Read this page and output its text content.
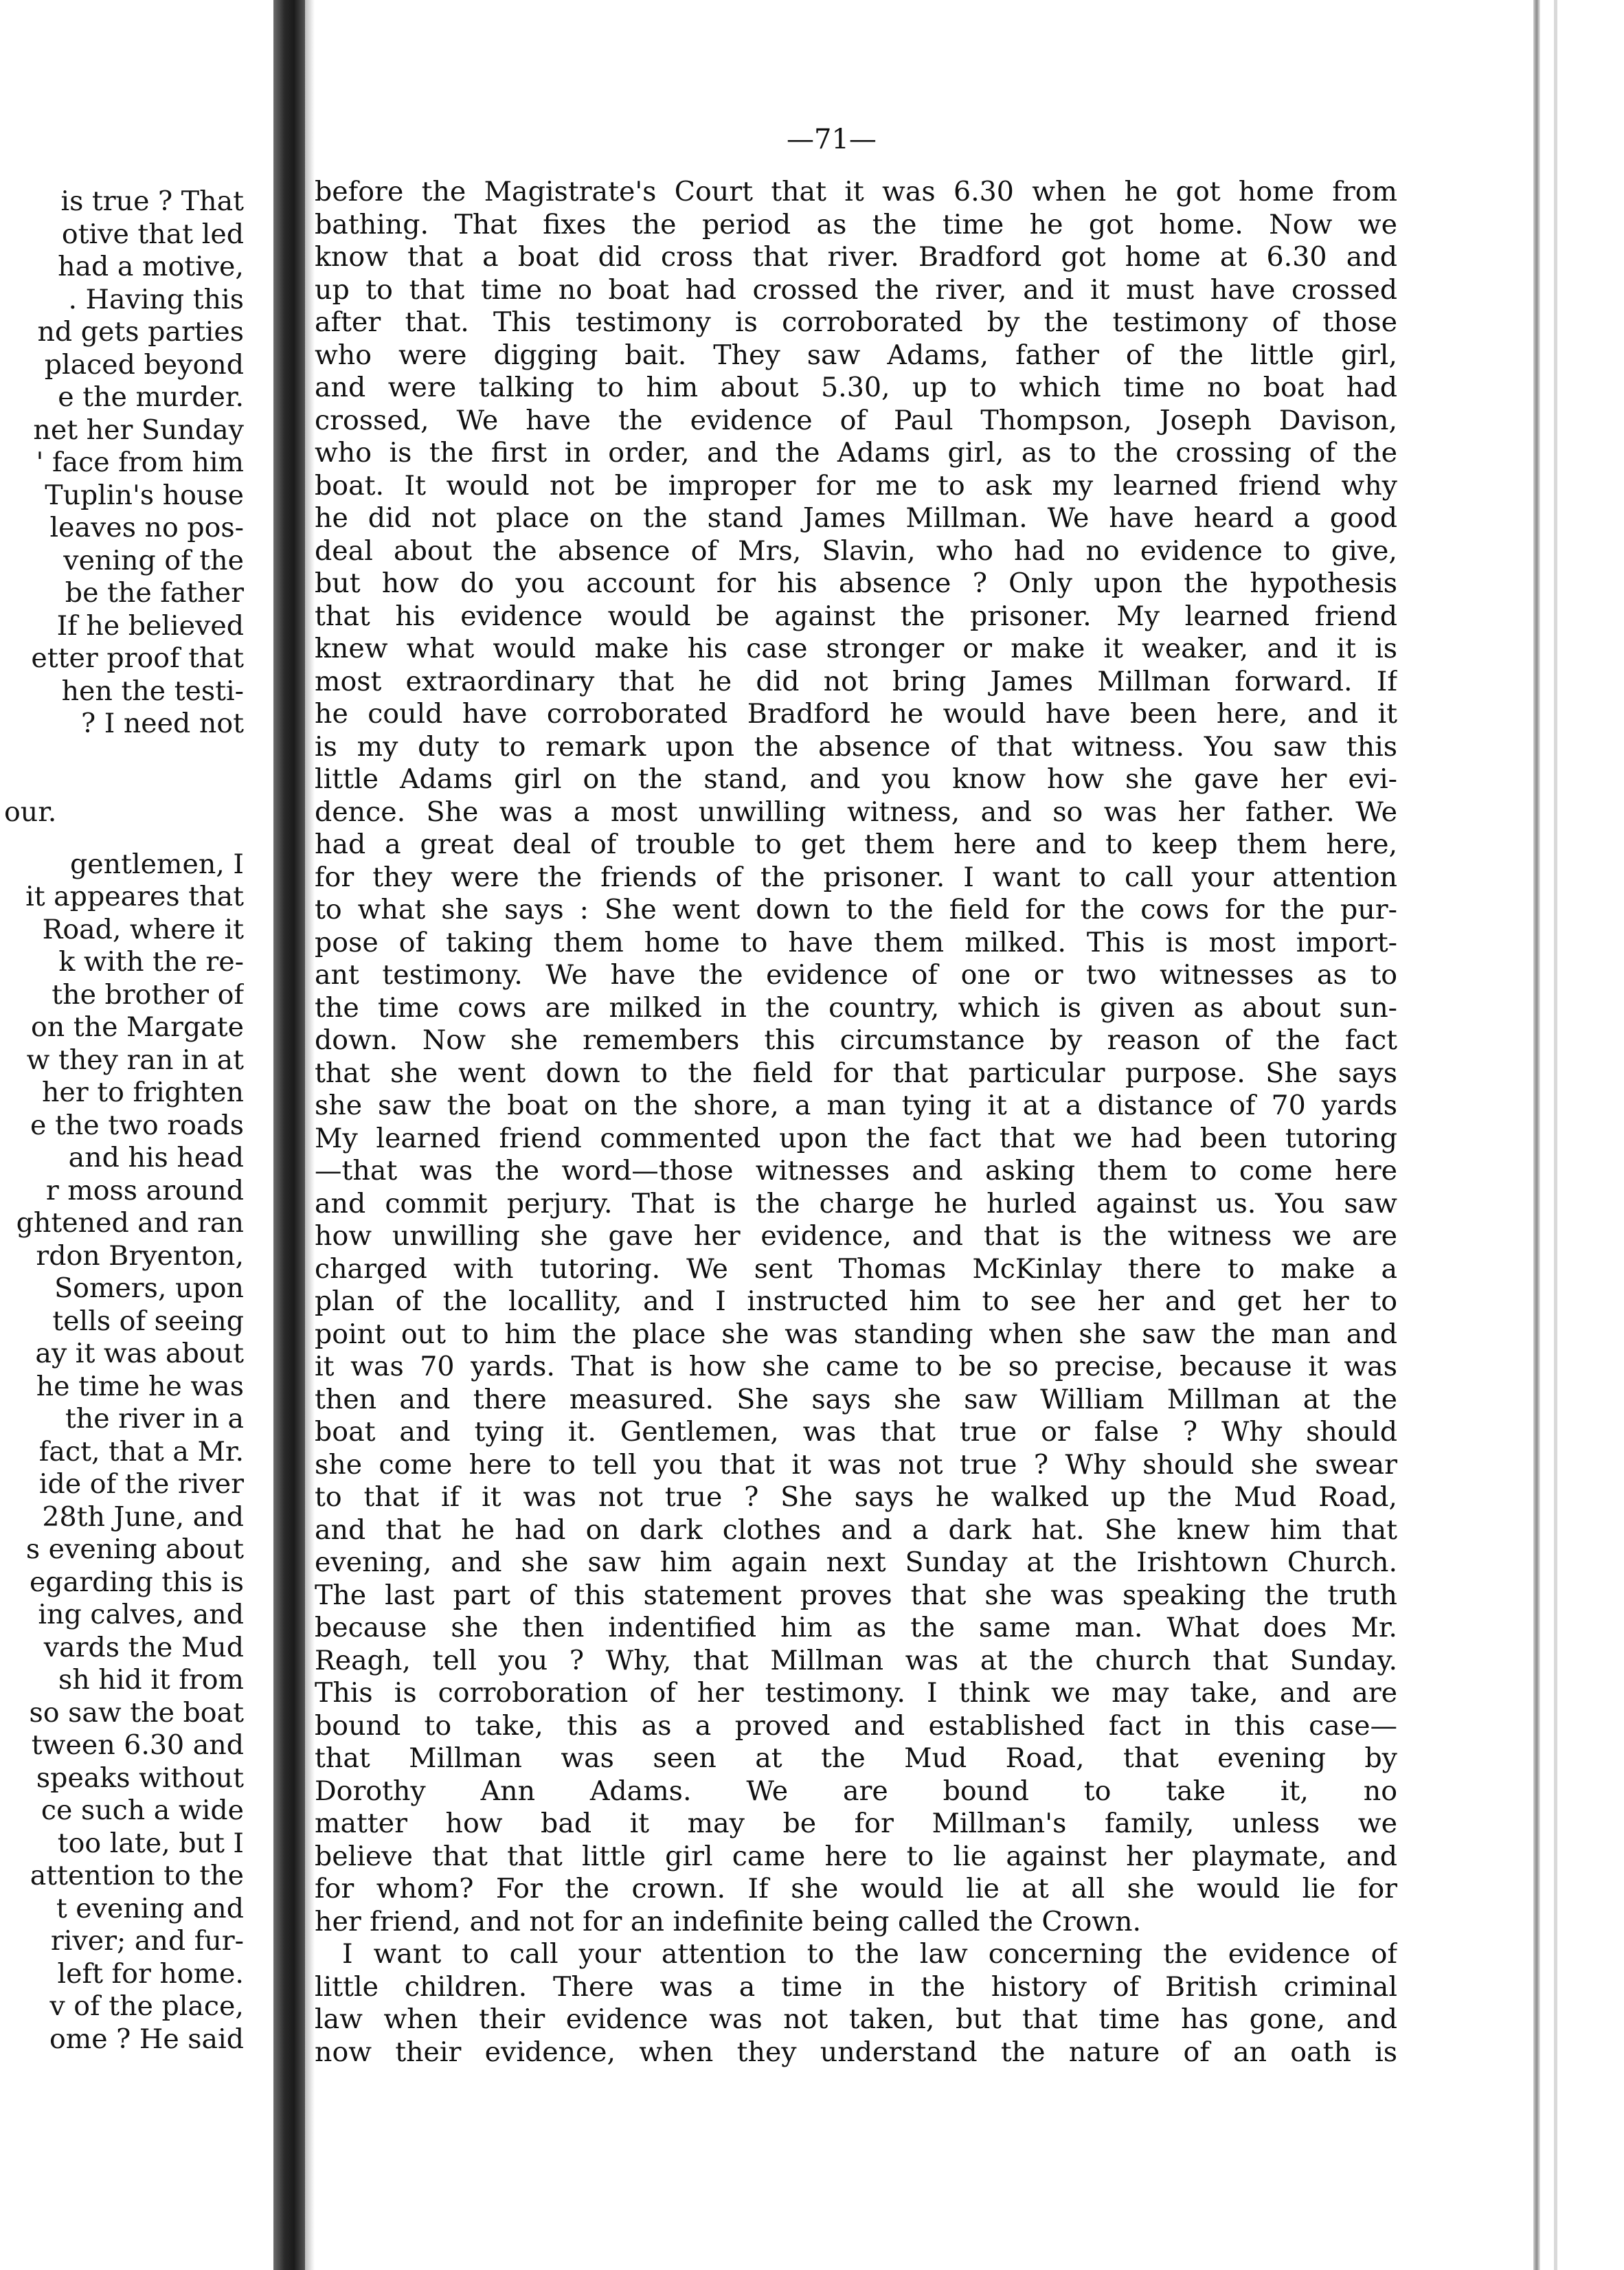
is true ? That
otive that led
had a motive,
. Having this
nd gets parties
placed beyond
e the murder.
net her Sunday
' face from him
Tuplin's house
leaves no pos-
vening of the
be the father
If he believed
etter proof that
hen the testi-
? I need not
our.
gentlemen, I
it appeares that
Road, where it
k with the re-
the brother of
on the Margate
w they ran in at
her to frighten
e the two roads
and his head
r moss around
ghtened and ran
rdon Bryenton,
Somers, upon
tells of seeing
ay it was about
he time he was
the river in a
fact, that a Mr.
ide of the river
28th June, and
s evening about
egarding this is
ing calves, and
vards the Mud
sh hid it from
so saw the boat
tween 6.30 and
speaks without
ce such a wide
too late, but I
attention to the
t evening and
river; and fur-
left for home.
v of the place,
ome ? He said
—71—
before the Magistrate's Court that it was 6.30 when he got home from
bathing. That fixes the period as the time he got home. Now we
know that a boat did cross that river. Bradford got home at 6.30 and
up to that time no boat had crossed the river, and it must have crossed
after that. This testimony is corroborated by the testimony of those
who were digging bait. They saw Adams, father of the little girl,
and were talking to him about 5.30, up to which time no boat had
crossed, We have the evidence of Paul Thompson, Joseph Davison,
who is the first in order, and the Adams girl, as to the crossing of the
boat. It would not be improper for me to ask my learned friend why
he did not place on the stand James Millman. We have heard a good
deal about the absence of Mrs, Slavin, who had no evidence to give,
but how do you account for his absence ? Only upon the hypothesis
that his evidence would be against the prisoner. My learned friend
knew what would make his case stronger or make it weaker, and it is
most extraordinary that he did not bring James Millman forward. If
he could have corroborated Bradford he would have been here, and it
is my duty to remark upon the absence of that witness. You saw this
little Adams girl on the stand, and you know how she gave her evi-
dence. She was a most unwilling witness, and so was her father. We
had a great deal of trouble to get them here and to keep them here,
for they were the friends of the prisoner. I want to call your attention
to what she says : She went down to the field for the cows for the pur-
pose of taking them home to have them milked. This is most import-
ant testimony. We have the evidence of one or two witnesses as to
the time cows are milked in the country, which is given as about sun-
down. Now she remembers this circumstance by reason of the fact
that she went down to the field for that particular purpose. She says
she saw the boat on the shore, a man tying it at a distance of 70 yards
My learned friend commented upon the fact that we had been tutoring
—that was the word—those witnesses and asking them to come here
and commit perjury. That is the charge he hurled against us. You saw
how unwilling she gave her evidence, and that is the witness we are
charged with tutoring. We sent Thomas McKinlay there to make a
plan of the locallity, and I instructed him to see her and get her to
point out to him the place she was standing when she saw the man and
it was 70 yards. That is how she came to be so precise, because it was
then and there measured. She says she saw William Millman at the
boat and tying it. Gentlemen, was that true or false ? Why should
she come here to tell you that it was not true ? Why should she swear
to that if it was not true ? She says he walked up the Mud Road,
and that he had on dark clothes and a dark hat. She knew him that
evening, and she saw him again next Sunday at the Irishtown Church.
The last part of this statement proves that she was speaking the truth
because she then indentified him as the same man. What does Mr.
Reagh, tell you ? Why, that Millman was at the church that Sunday.
This is corroboration of her testimony. I think we may take, and are
bound to take, this as a proved and established fact in this case—
that Millman was seen at the Mud Road, that evening by
Dorothy Ann Adams. We are bound to take it, no
matter how bad it may be for Millman's family, unless we
believe that that little girl came here to lie against her playmate, and
for whom? For the crown. If she would lie at all she would lie for
her friend, and not for an indefinite being called the Crown.
I want to call your attention to the law concerning the evidence of
little children. There was a time in the history of British criminal
law when their evidence was not taken, but that time has gone, and
now their evidence, when they understand the nature of an oath is
